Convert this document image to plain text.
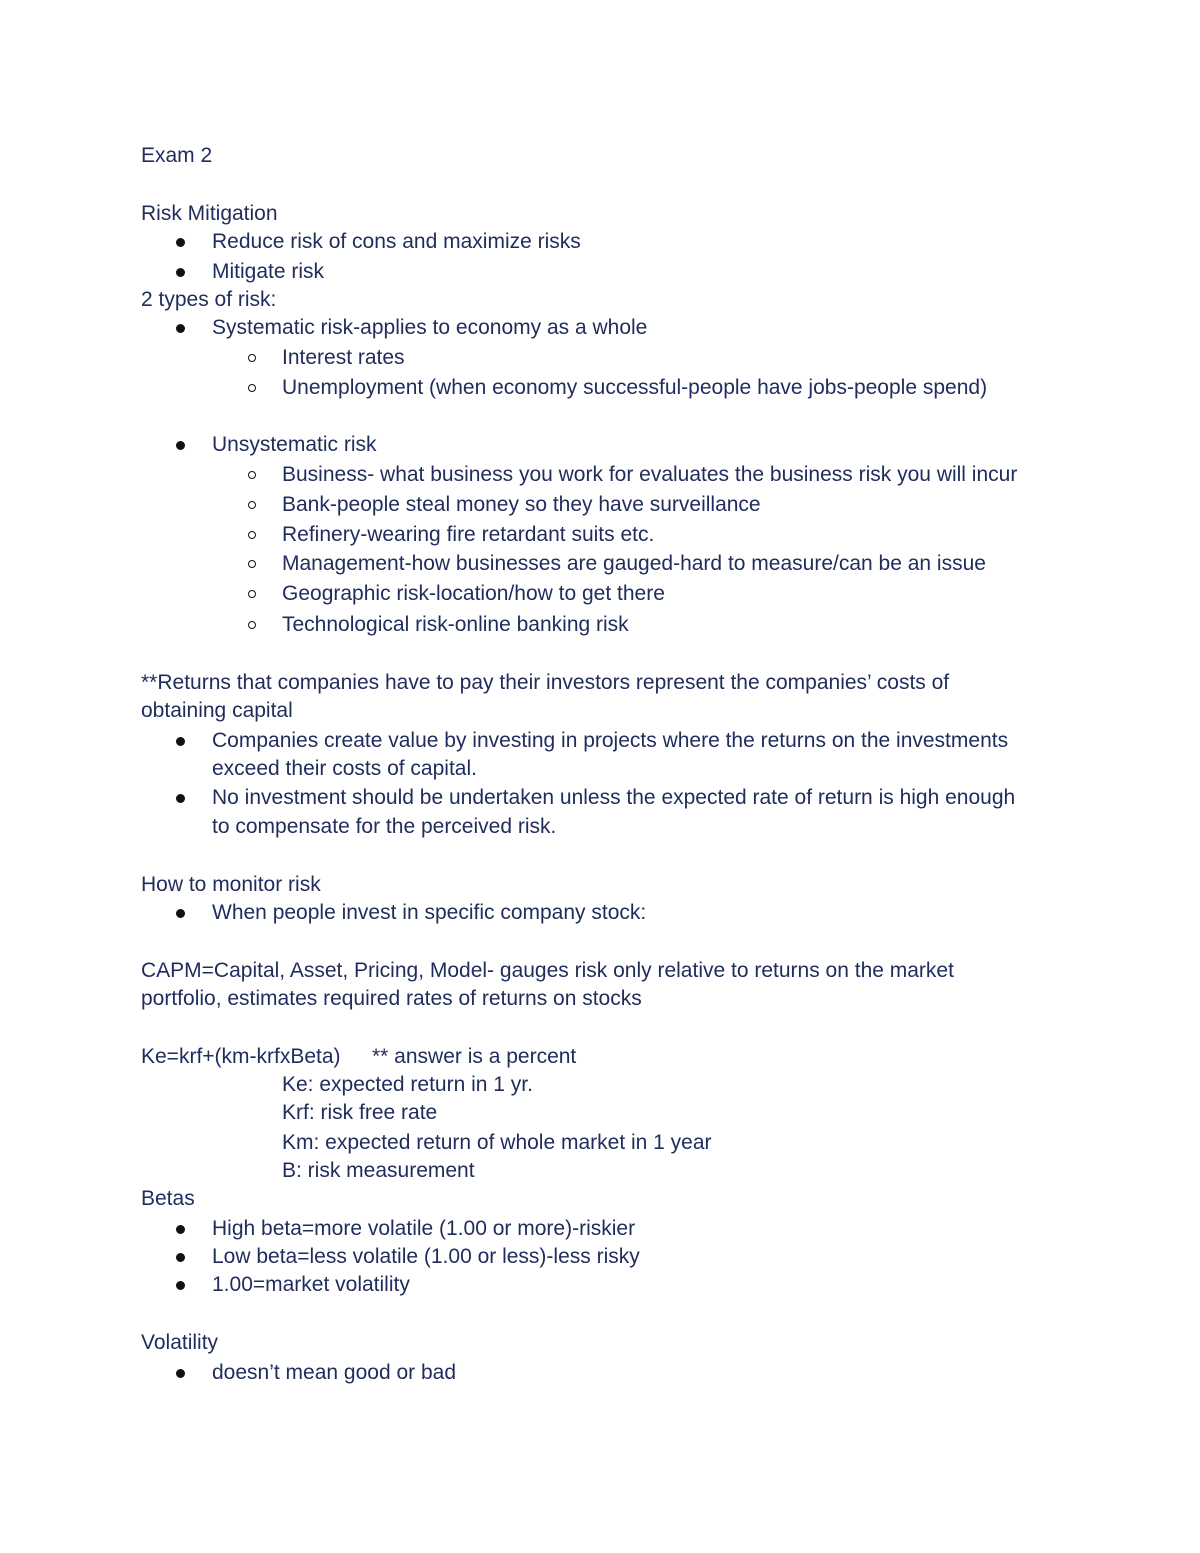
Exam 2
Risk Mitigation
Reduce risk of cons and maximize risks
Mitigate risk
2 types of risk:
Systematic risk-applies to economy as a whole
Interest rates
Unemployment (when economy successful-people have jobs-people spend)
Unsystematic risk
Business- what business you work for evaluates the business risk you will incur
Bank-people steal money so they have surveillance
Refinery-wearing fire retardant suits etc.
Management-how businesses are gauged-hard to measure/can be an issue
Geographic risk-location/how to get there
Technological risk-online banking risk
**Returns that companies have to pay their investors represent the companies’ costs of
obtaining capital
Companies create value by investing in projects where the returns on the investments
exceed their costs of capital.
No investment should be undertaken unless the expected rate of return is high enough
to compensate for the perceived risk.
How to monitor risk
When people invest in specific company stock:
CAPM=Capital, Asset, Pricing, Model- gauges risk only relative to returns on the market
portfolio, estimates required rates of returns on stocks
Ke=krf+(km-krfxBeta) ** answer is a percent
Ke: expected return in 1 yr.
Krf: risk free rate
Km: expected return of whole market in 1 year
B: risk measurement
Betas
High beta=more volatile (1.00 or more)-riskier
Low beta=less volatile (1.00 or less)-less risky
1.00=market volatility
Volatility
doesn’t mean good or bad
